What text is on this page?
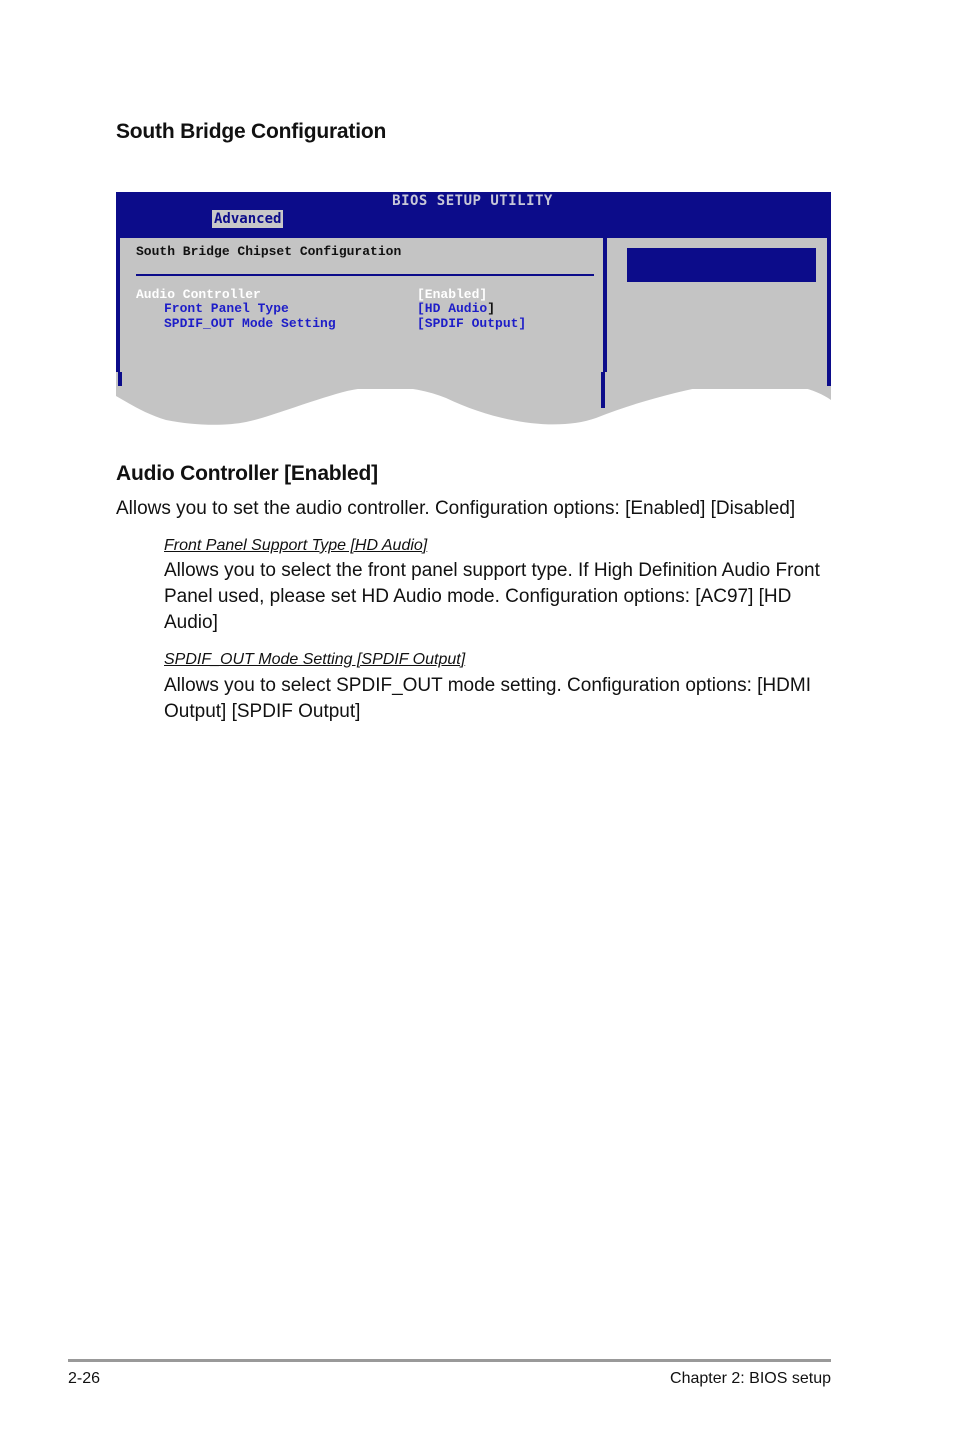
South Bridge Configuration
BIOS SETUP UTILITY
Advanced
South Bridge Chipset Configuration
Audio Controller	[Enabled]
Front Panel Type	[HD Audio]
SPDIF_OUT Mode Setting	[SPDIF Output]
Audio Controller [Enabled]

Allows you to set the audio controller. Configuration options: [Enabled] [Disabled]

Front Panel Support Type [HD Audio]

Allows you to select the front panel support type. If High Definition Audio Front Panel used, please set HD Audio mode. Configuration options: [AC97] [HD Audio]

SPDIF_OUT Mode Setting [SPDIF Output]

Allows you to select SPDIF_OUT mode setting. Configuration options: [HDMI Output] [SPDIF Output]

2-26	Chapter 2: BIOS setup
